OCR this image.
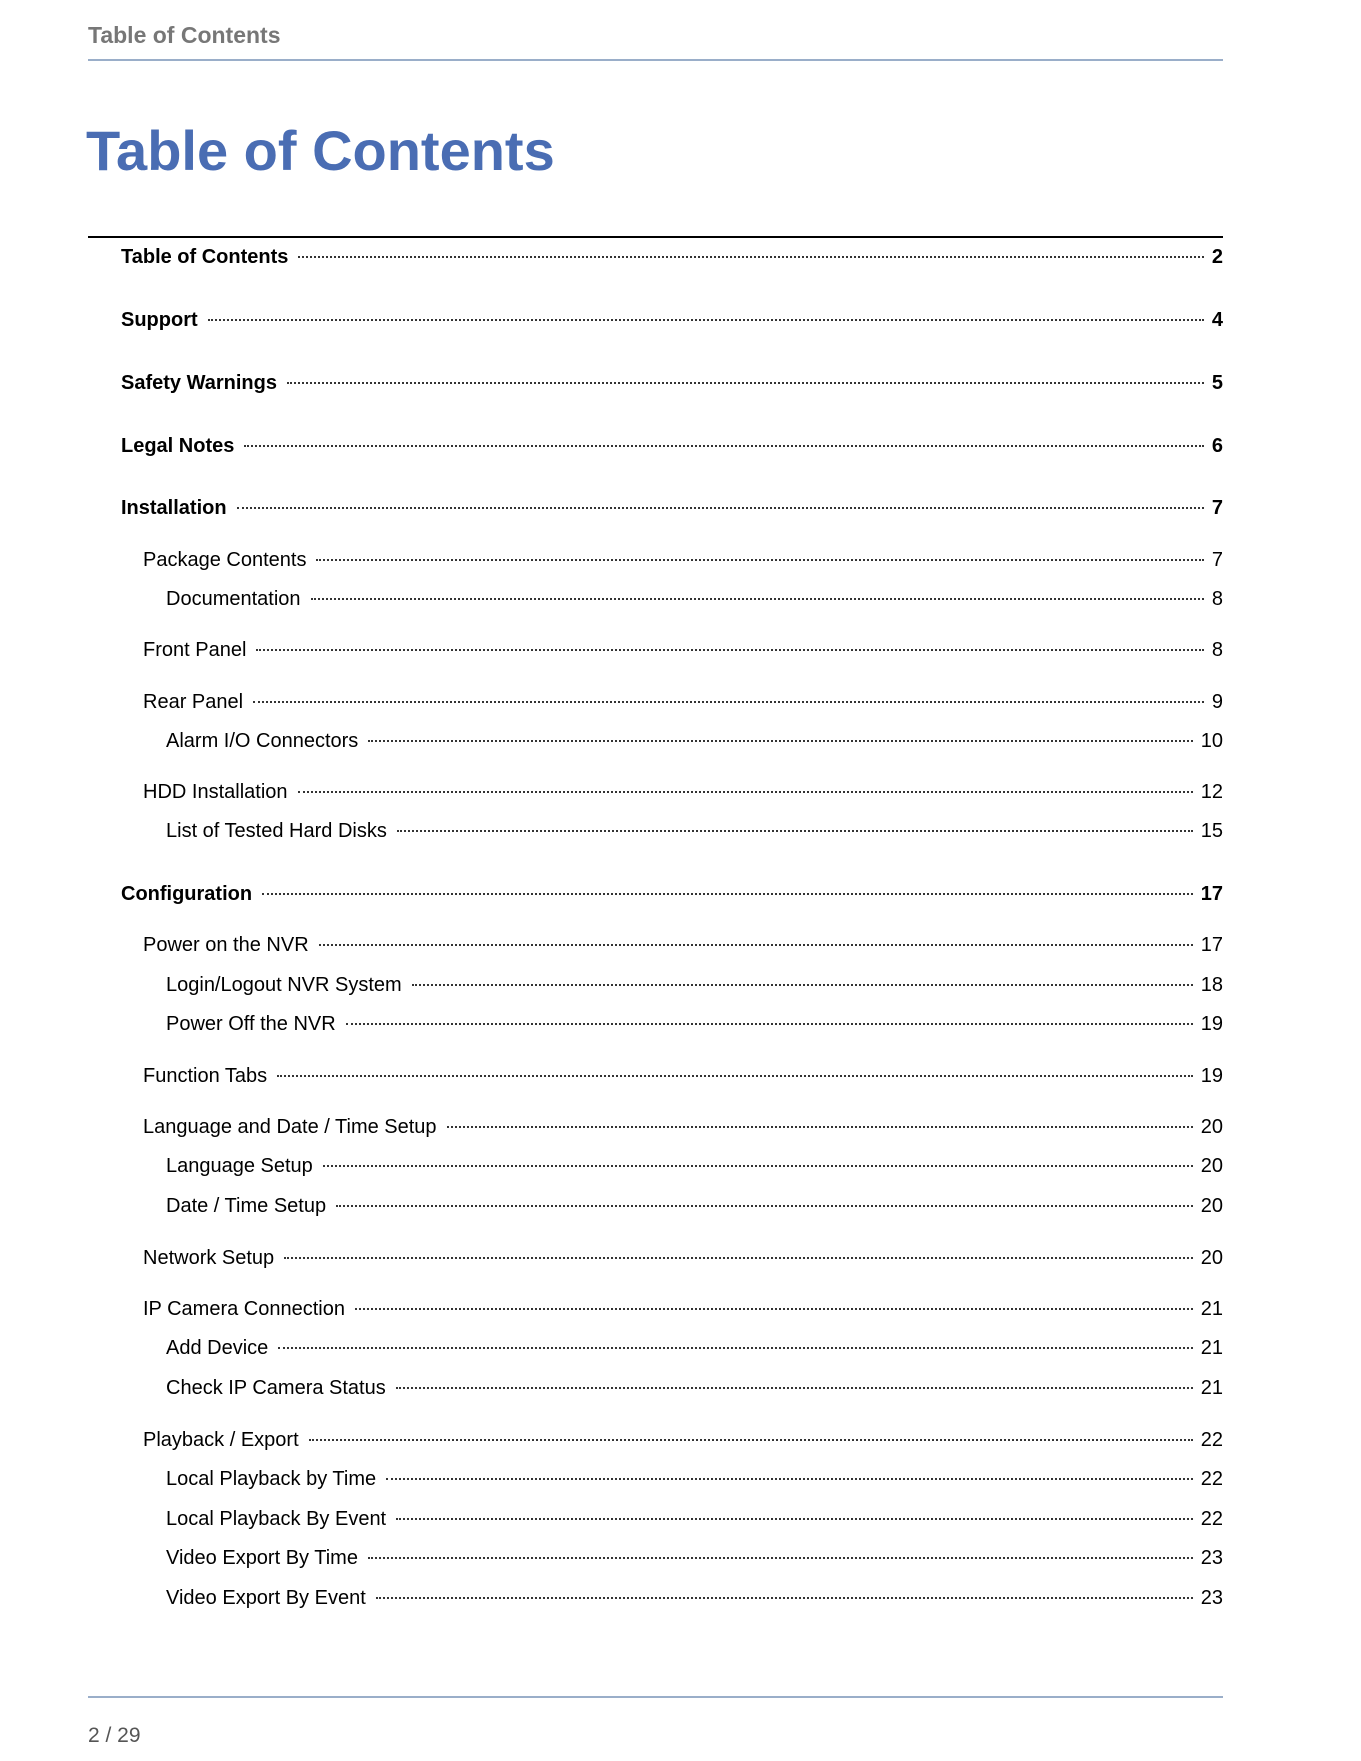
Table of Contents
Table of Contents
Table of Contents	2
Support	4
Safety Warnings	5
Legal Notes	6
Installation	7
Package Contents	7
Documentation	8
Front Panel	8
Rear Panel	9
Alarm I/O Connectors	10
HDD Installation	12
List of Tested Hard Disks	15
Configuration	17
Power on the NVR	17
Login/Logout NVR System	18
Power Off the NVR	19
Function Tabs	19
Language and Date / Time Setup	20
Language Setup	20
Date / Time Setup	20
Network Setup	20
IP Camera Connection	21
Add Device	21
Check IP Camera Status	21
Playback / Export	22
Local Playback by Time	22
Local Playback By Event	22
Video Export By Time	23
Video Export By Event	23
2 / 29
